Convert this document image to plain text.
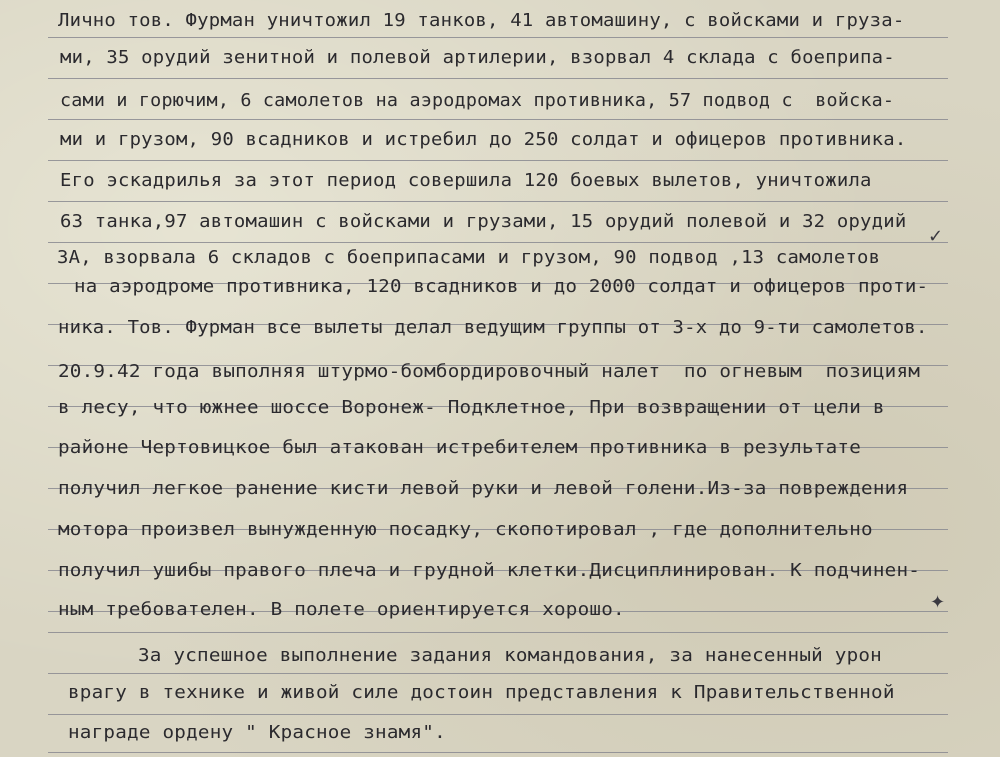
Лично тов. Фурман уничтожил 19 танков, 41 автомашину, с войсками и груза-
ми, 35 орудий зенитной и полевой артилерии, взорвал 4 склада с боеприпа-
сами и горючим, 6 самолетов на аэродромах противника, 57 подвод с  войска-
ми и грузом, 90 всадников и истребил до 250 солдат и офицеров противника.
Его эскадрилья за этот период совершила 120 боевых вылетов, уничтожила
63 танка,97 автомашин с войсками и грузами, 15 орудий полевой и 32 орудий
ЗА, взорвала 6 складов с боеприпасами и грузом, 90 подвод ,13 самолетов
на аэродроме противника, 120 всадников и до 2000 солдат и офицеров проти-
ника. Тов. Фурман все вылеты делал ведущим группы от 3-х до 9-ти самолетов.
20.9.42 года выполняя штурмо-бомбордировочный налет  по огневым  позициям
в лесу, что южнее шоссе Воронеж- Подклетное, При возвращении от цели в
районе Чертовицкое был атакован истребителем противника в результате
получил легкое ранение кисти левой руки и левой голени.Из-за повреждения
мотора произвел вынужденную посадку, скопотировал , где дополнительно
получил ушибы правого плеча и грудной клетки.Дисциплинирован. К подчинен-
ным требователен. В полете ориентируется хорошо.
За успешное выполнение задания командования, за нанесенный урон
врагу в технике и живой силе достоин представления к Правительственной
награде ордену " Красное знамя".
✓
✦
